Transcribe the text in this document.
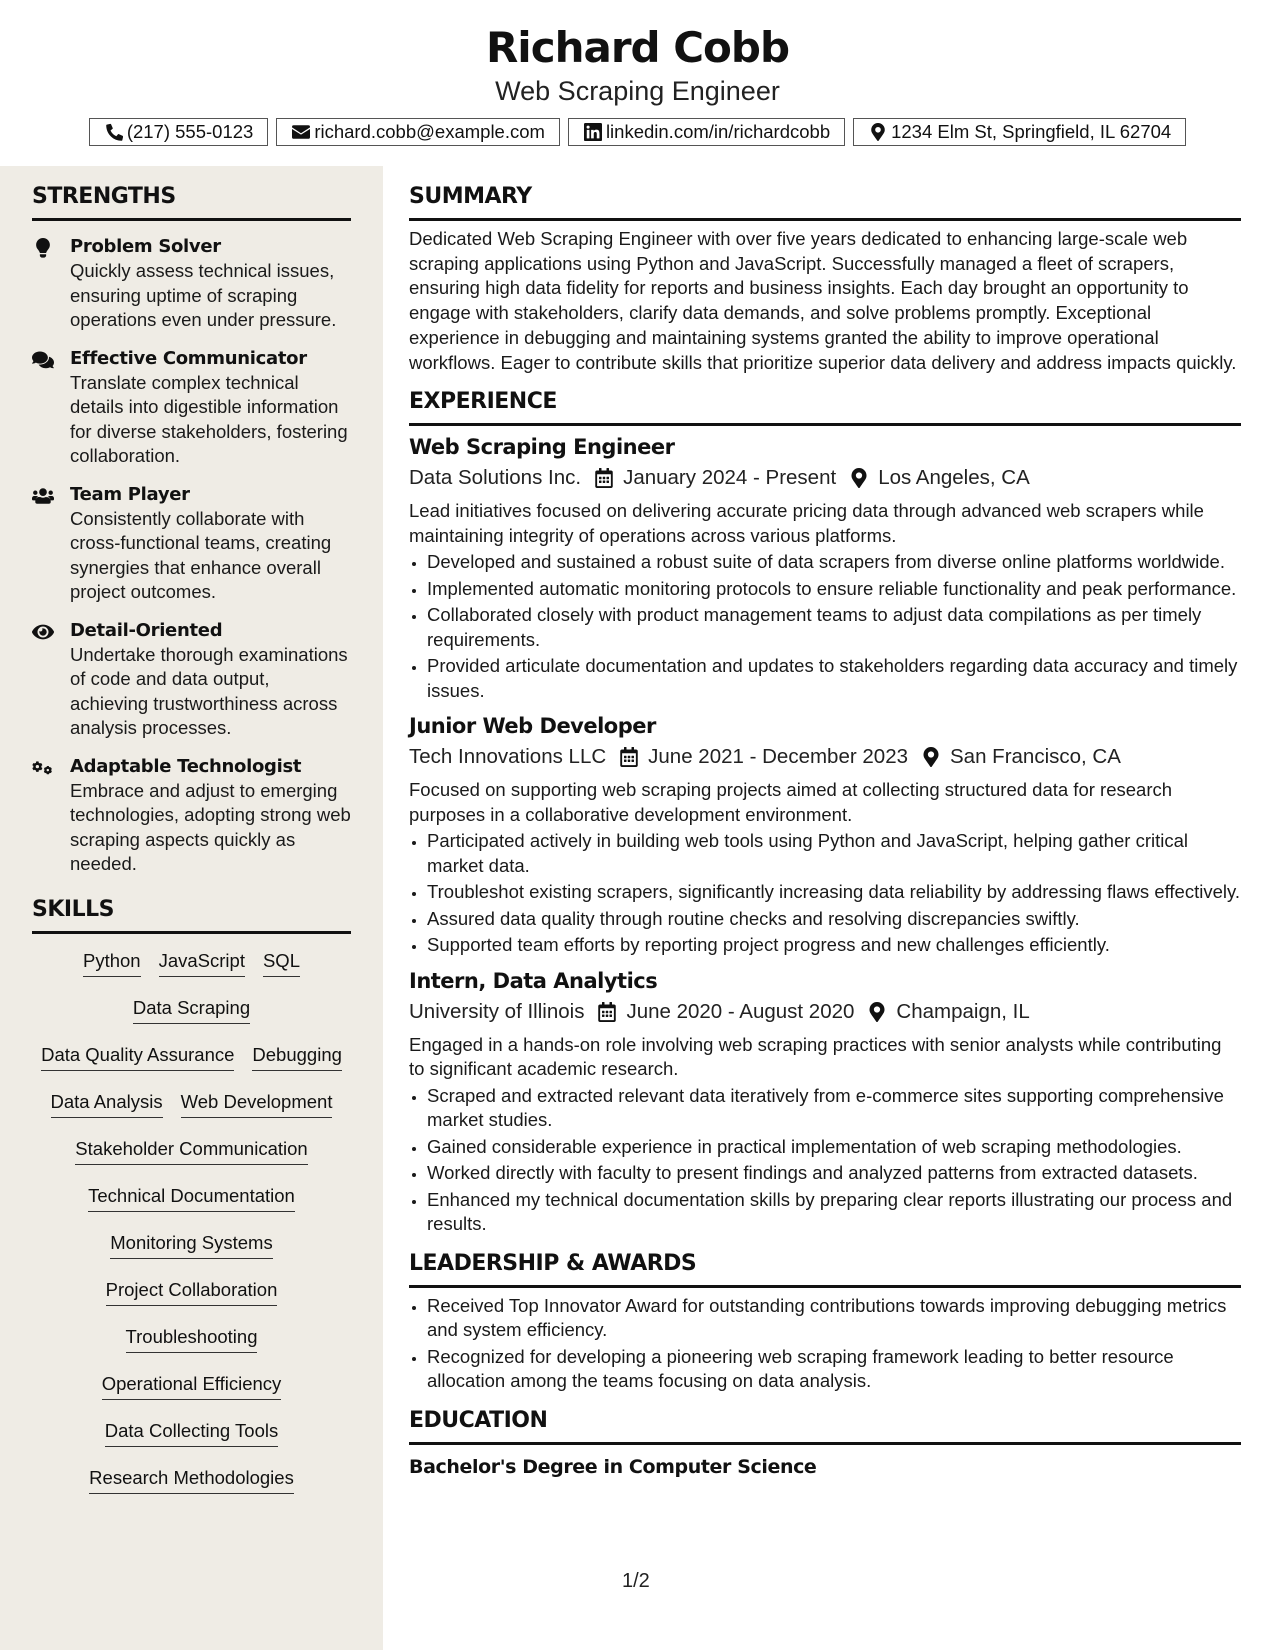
Richard Cobb
Web Scraping Engineer
(217) 555-0123	richard.cobb@example.com	linkedin.com/in/richardcobb	1234 Elm St, Springfield, IL 62704
STRENGTHS
Problem Solver
Quickly assess technical issues, ensuring uptime of scraping operations even under pressure.
Effective Communicator
Translate complex technical details into digestible information for diverse stakeholders, fostering collaboration.
Team Player
Consistently collaborate with cross-functional teams, creating synergies that enhance overall project outcomes.
Detail-Oriented
Undertake thorough examinations of code and data output, achieving trustworthiness across analysis processes.
Adaptable Technologist
Embrace and adjust to emerging technologies, adopting strong web scraping aspects quickly as needed.
SKILLS
Python JavaScript SQL
Data Scraping
Data Quality Assurance Debugging
Data Analysis Web Development
Stakeholder Communication
Technical Documentation
Monitoring Systems
Project Collaboration
Troubleshooting
Operational Efficiency
Data Collecting Tools
Research Methodologies
SUMMARY
Dedicated Web Scraping Engineer with over five years dedicated to enhancing large-scale web scraping applications using Python and JavaScript. Successfully managed a fleet of scrapers, ensuring high data fidelity for reports and business insights. Each day brought an opportunity to engage with stakeholders, clarify data demands, and solve problems promptly. Exceptional experience in debugging and maintaining systems granted the ability to improve operational workflows. Eager to contribute skills that prioritize superior data delivery and address impacts quickly.
EXPERIENCE
Web Scraping Engineer
Data Solutions Inc. January 2024 - Present Los Angeles, CA
Lead initiatives focused on delivering accurate pricing data through advanced web scrapers while maintaining integrity of operations across various platforms.
• Developed and sustained a robust suite of data scrapers from diverse online platforms worldwide.
• Implemented automatic monitoring protocols to ensure reliable functionality and peak performance.
• Collaborated closely with product management teams to adjust data compilations as per timely requirements.
• Provided articulate documentation and updates to stakeholders regarding data accuracy and timely issues.
Junior Web Developer
Tech Innovations LLC June 2021 - December 2023 San Francisco, CA
Focused on supporting web scraping projects aimed at collecting structured data for research purposes in a collaborative development environment.
• Participated actively in building web tools using Python and JavaScript, helping gather critical market data.
• Troubleshot existing scrapers, significantly increasing data reliability by addressing flaws effectively.
• Assured data quality through routine checks and resolving discrepancies swiftly.
• Supported team efforts by reporting project progress and new challenges efficiently.
Intern, Data Analytics
University of Illinois June 2020 - August 2020 Champaign, IL
Engaged in a hands-on role involving web scraping practices with senior analysts while contributing to significant academic research.
• Scraped and extracted relevant data iteratively from e-commerce sites supporting comprehensive market studies.
• Gained considerable experience in practical implementation of web scraping methodologies.
• Worked directly with faculty to present findings and analyzed patterns from extracted datasets.
• Enhanced my technical documentation skills by preparing clear reports illustrating our process and results.
LEADERSHIP & AWARDS
• Received Top Innovator Award for outstanding contributions towards improving debugging metrics and system efficiency.
• Recognized for developing a pioneering web scraping framework leading to better resource allocation among the teams focusing on data analysis.
EDUCATION
Bachelor's Degree in Computer Science
1/2
